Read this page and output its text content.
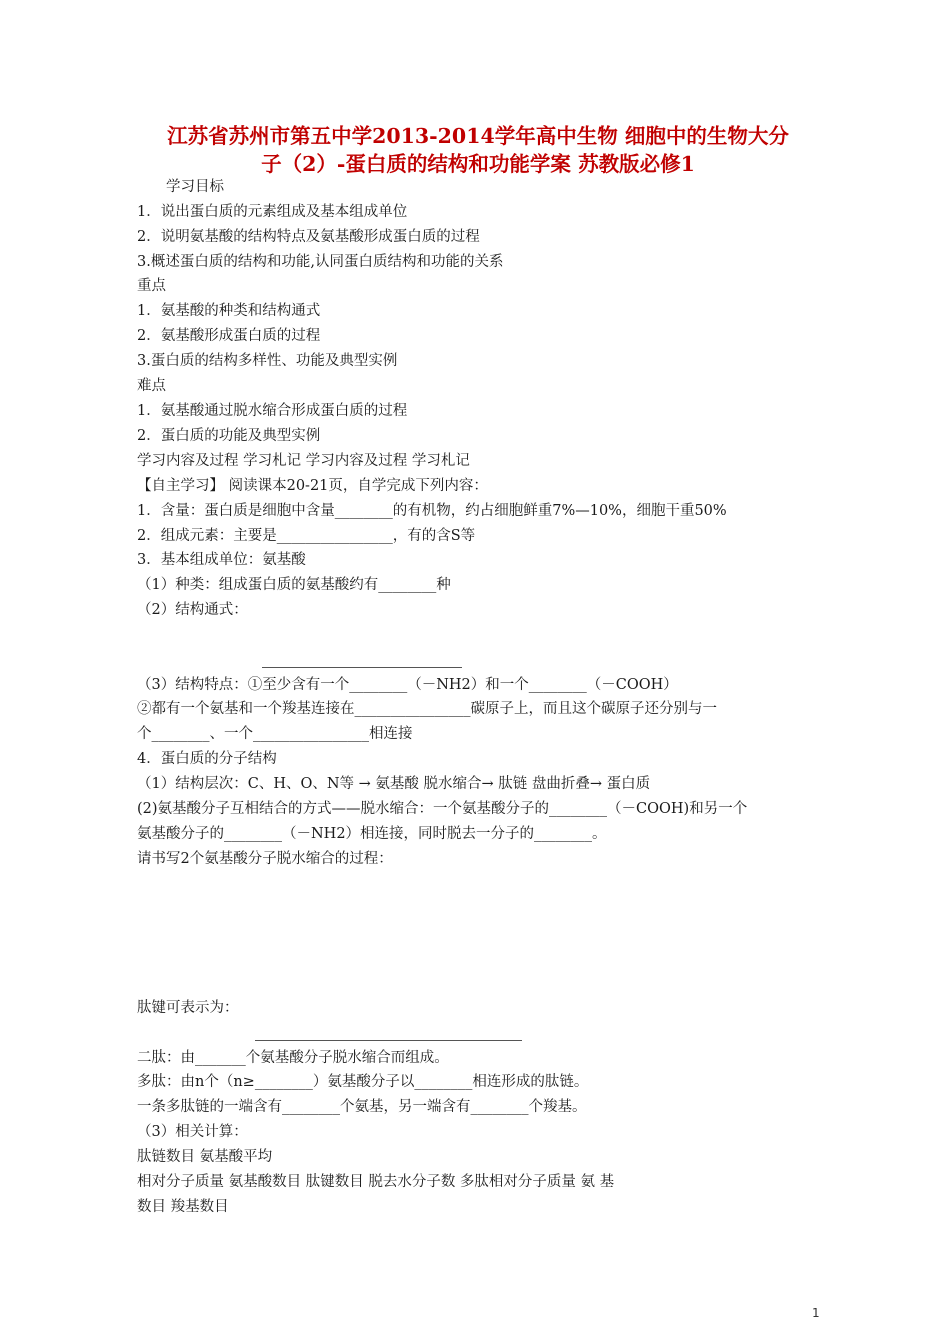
江苏省苏州市第五中学2013-2014学年高中生物 细胞中的生物大分
子（2）-蛋白质的结构和功能学案 苏教版必修1

学习目标

1．说出蛋白质的元素组成及基本组成单位

2．说明氨基酸的结构特点及氨基酸形成蛋白质的过程

3.概述蛋白质的结构和功能,认同蛋白质结构和功能的关系

重点

1．氨基酸的种类和结构通式

2．氨基酸形成蛋白质的过程

3.蛋白质的结构多样性、功能及典型实例

难点

1．氨基酸通过脱水缩合形成蛋白质的过程

2．蛋白质的功能及典型实例

学习内容及过程 学习札记 学习内容及过程 学习札记

【自主学习】 阅读课本20-21页，自学完成下列内容：

1．含量：蛋白质是细胞中含量________的有机物，约占细胞鲜重7%—10%，细胞干重50%

2．组成元素：主要是________________，有的含S等

3．基本组成单位：氨基酸

（1）种类：组成蛋白质的氨基酸约有________种

（2）结构通式：

（3）结构特点：①至少含有一个________（－NH2）和一个________（－COOH）

②都有一个氨基和一个羧基连接在________________碳原子上，而且这个碳原子还分别与一

个________、一个________________相连接

4．蛋白质的分子结构

（1）结构层次：C、H、O、N等 → 氨基酸 脱水缩合→ 肽链 盘曲折叠→ 蛋白质

(2)氨基酸分子互相结合的方式——脱水缩合：一个氨基酸分子的________（－COOH)和另一个

氨基酸分子的________（－NH2）相连接，同时脱去一分子的________。

请书写2个氨基酸分子脱水缩合的过程：

肽键可表示为：

二肽：由_______个氨基酸分子脱水缩合而组成。

多肽：由n个（n≥________）氨基酸分子以________相连形成的肽链。

一条多肽链的一端含有________个氨基，另一端含有________个羧基。

（3）相关计算：

肽链数目 氨基酸平均

相对分子质量 氨基酸数目 肽键数目 脱去水分子数 多肽相对分子质量 氨 基

数目 羧基数目

1
